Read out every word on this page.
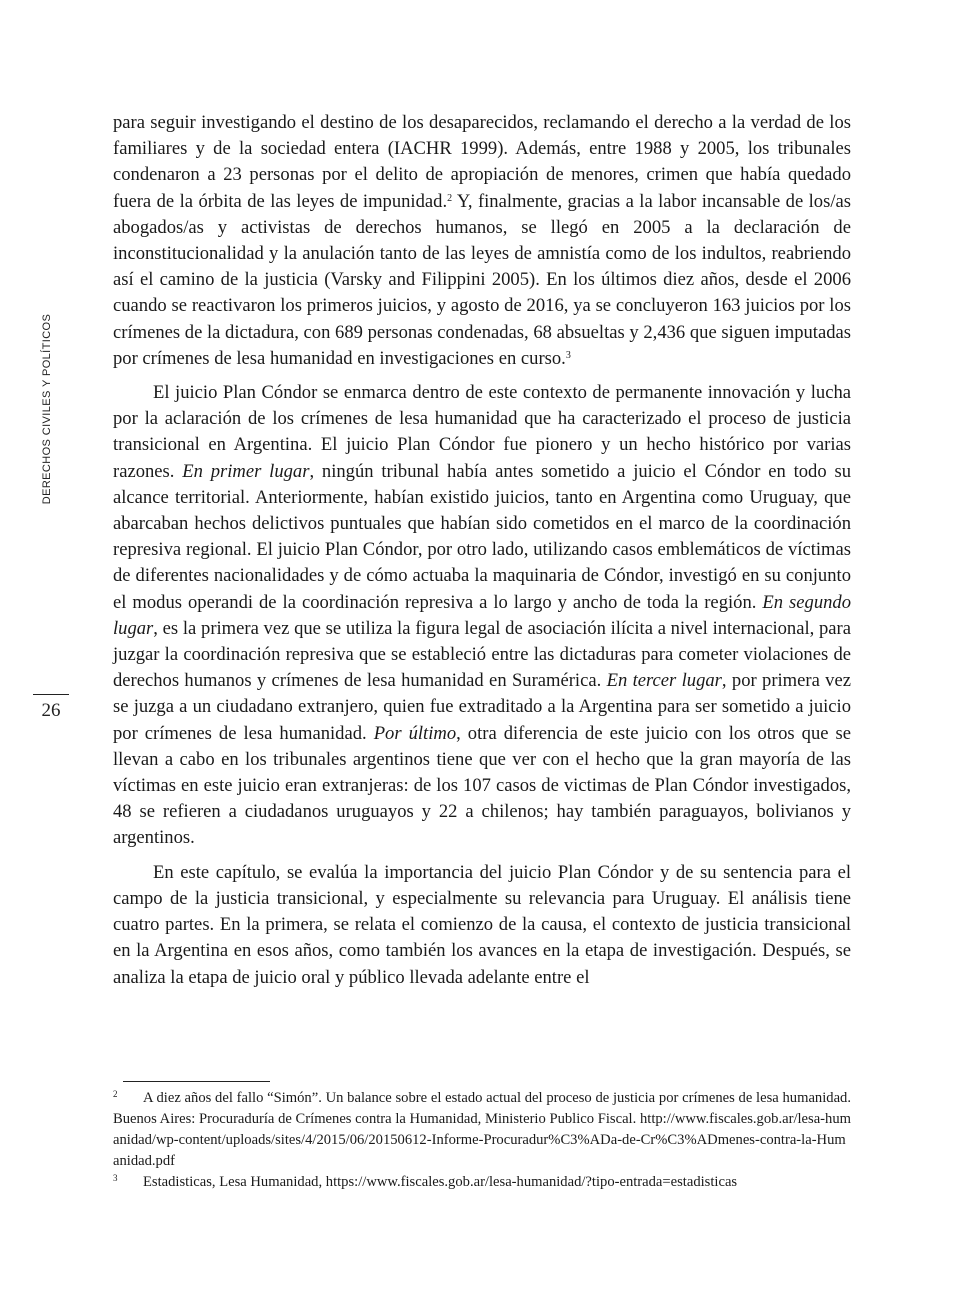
DERECHOS CIVILES Y POLÍTICOS
26

para seguir investigando el destino de los desaparecidos, reclamando el derecho a la verdad de los familiares y de la sociedad entera (IACHR 1999). Además, entre 1988 y 2005, los tribunales condenaron a 23 personas por el delito de apropiación de menores, crimen que había quedado fuera de la órbita de las leyes de impunidad.$^2$ Y, finalmente, gracias a la labor incansable de los/as abogados/as y activistas de derechos humanos, se llegó en 2005 a la declaración de inconstitucionalidad y la anulación tanto de las leyes de amnistía como de los indultos, reabriendo así el camino de la justicia (Varsky and Filippini 2005). En los últimos diez años, desde el 2006 cuando se reactivaron los primeros juicios, y agosto de 2016, ya se concluyeron 163 juicios por los crímenes de la dictadura, con 689 personas condenadas, 68 absueltas y 2,436 que siguen imputadas por crímenes de lesa humanidad en investigaciones en curso.$^3$

El juicio Plan Cóndor se enmarca dentro de este contexto de permanente innovación y lucha por la aclaración de los crímenes de lesa humanidad que ha caracterizado el proceso de justicia transicional en Argentina. El juicio Plan Cóndor fue pionero y un hecho histórico por varias razones. En primer lugar, ningún tribunal había antes sometido a juicio el Cóndor en todo su alcance territorial. Anteriormente, habían existido juicios, tanto en Argentina como Uruguay, que abarcaban hechos delictivos puntuales que habían sido cometidos en el marco de la coordinación represiva regional. El juicio Plan Cóndor, por otro lado, utilizando casos emblemáticos de víctimas de diferentes nacionalidades y de cómo actuaba la maquinaria de Cóndor, investigó en su conjunto el modus operandi de la coordinación represiva a lo largo y ancho de toda la región. En segundo lugar, es la primera vez que se utiliza la figura legal de asociación ilícita a nivel internacional, para juzgar la coordinación represiva que se estableció entre las dictaduras para cometer violaciones de derechos humanos y crímenes de lesa humanidad en Suramérica. En tercer lugar, por primera vez se juzga a un ciudadano extranjero, quien fue extraditado a la Argentina para ser sometido a juicio por crímenes de lesa humanidad. Por último, otra diferencia de este juicio con los otros que se llevan a cabo en los tribunales argentinos tiene que ver con el hecho que la gran mayoría de las víctimas en este juicio eran extranjeras: de los 107 casos de victimas de Plan Cóndor investigados, 48 se refieren a ciudadanos uruguayos y 22 a chilenos; hay también paraguayos, bolivianos y argentinos.

En este capítulo, se evalúa la importancia del juicio Plan Cóndor y de su sentencia para el campo de la justicia transicional, y especialmente su relevancia para Uruguay. El análisis tiene cuatro partes. En la primera, se relata el comienzo de la causa, el contexto de justicia transicional en la Argentina en esos años, como también los avances en la etapa de investigación. Después, se analiza la etapa de juicio oral y público llevada adelante entre el

2 A diez años del fallo “Simón”. Un balance sobre el estado actual del proceso de justicia por crímenes de lesa humanidad. Buenos Aires: Procuraduría de Crímenes contra la Humanidad, Ministerio Publico Fiscal. http://www.fiscales.gob.ar/lesa-humanidad/wp-content/uploads/sites/4/2015/06/20150612-Informe-Procuradur%C3%ADa-de-Cr%C3%ADmenes-contra-la-Humanidad.pdf

3 Estadisticas, Lesa Humanidad, https://www.fiscales.gob.ar/lesa-humanidad/?tipo-entrada=estadisticas
